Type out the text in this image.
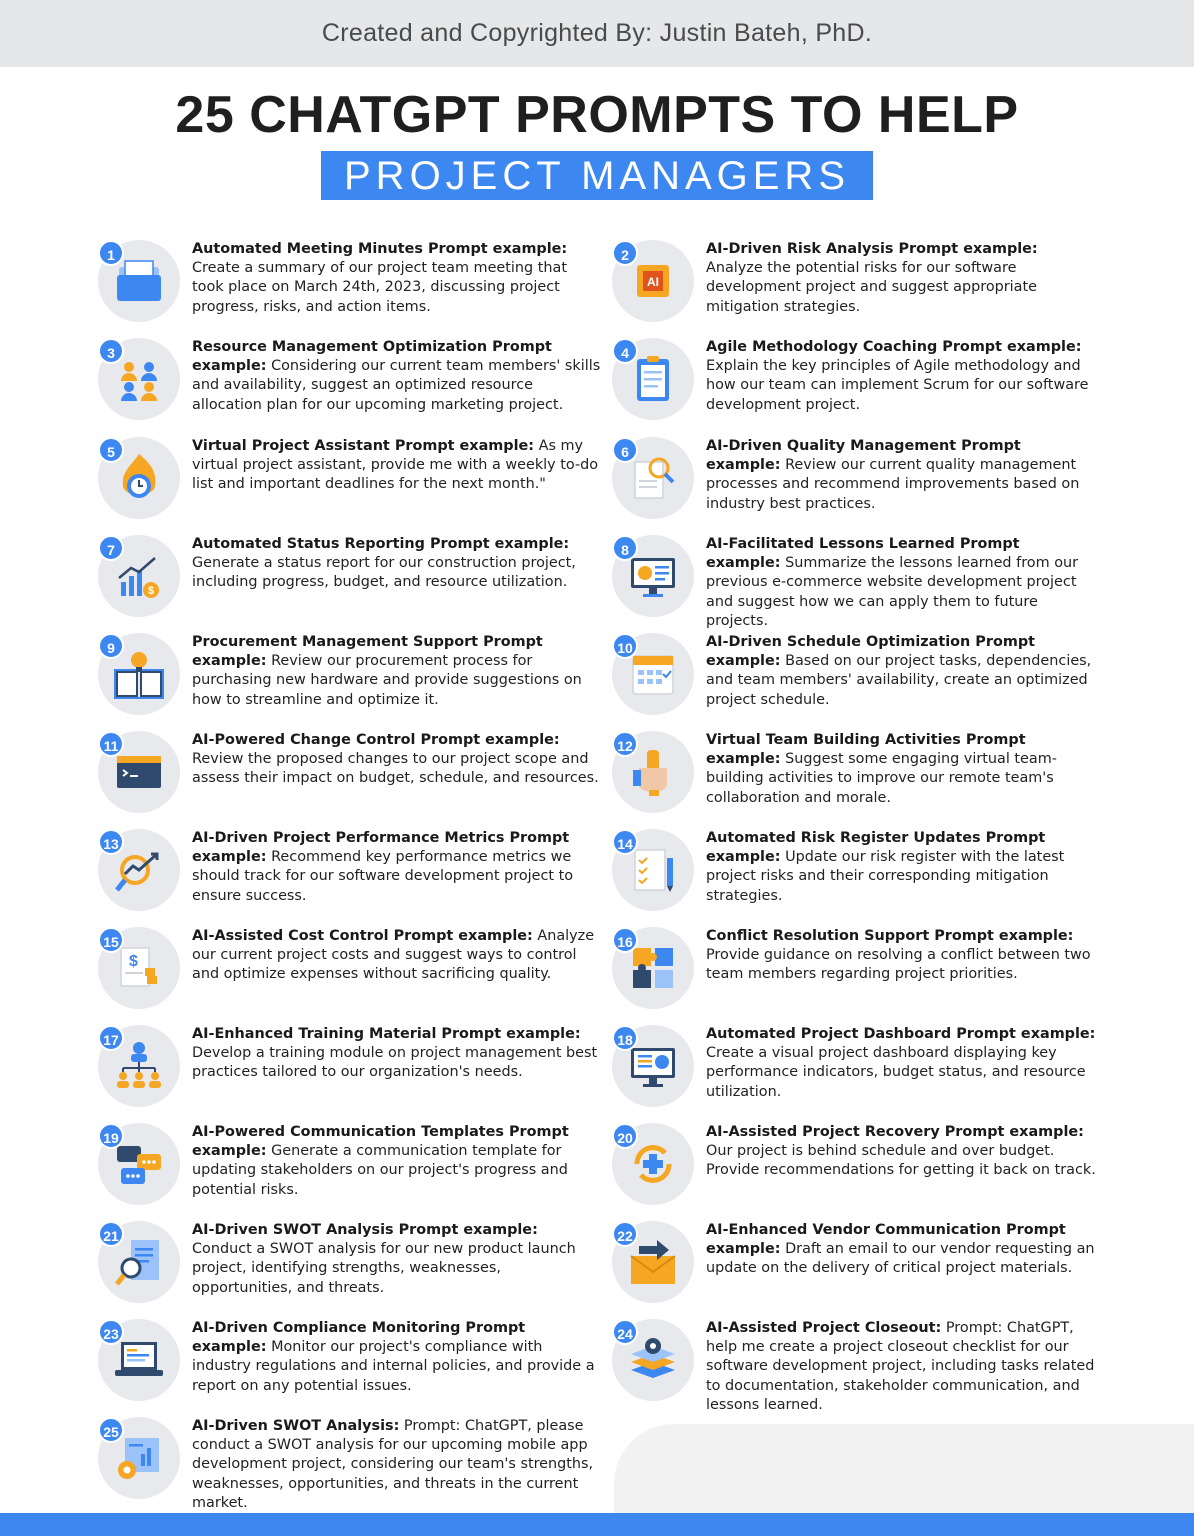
Created and Copyrighted By: Justin Bateh, PhD.
25 CHATGPT PROMPTS TO HELP
PROJECT MANAGERS
1	Automated Meeting Minutes Prompt example: Create a summary of our project team meeting that took place on March 24th, 2023, discussing project progress, risks, and action items.
3	Resource Management Optimization Prompt example: Considering our current team members' skills and availability, suggest an optimized resource allocation plan for our upcoming marketing project.
5	Virtual Project Assistant Prompt example: As my virtual project assistant, provide me with a weekly to-do list and important deadlines for the next month."
$
7	Automated Status Reporting Prompt example: Generate a status report for our construction project, including progress, budget, and resource utilization.
9	Procurement Management Support Prompt example: Review our procurement process for purchasing new hardware and provide suggestions on how to streamline and optimize it.
11	AI-Powered Change Control Prompt example: Review the proposed changes to our project scope and assess their impact on budget, schedule, and resources.
13	AI-Driven Project Performance Metrics Prompt example: Recommend key performance metrics we should track for our software development project to ensure success.
$
15	AI-Assisted Cost Control Prompt example: Analyze our current project costs and suggest ways to control and optimize expenses without sacrificing quality.
17	AI-Enhanced Training Material Prompt example: Develop a training module on project management best practices tailored to our organization's needs.
19	AI-Powered Communication Templates Prompt example: Generate a communication template for updating stakeholders on our project's progress and potential risks.
21	AI-Driven SWOT Analysis Prompt example: Conduct a SWOT analysis for our new product launch project, identifying strengths, weaknesses, opportunities, and threats.
23	AI-Driven Compliance Monitoring Prompt example: Monitor our project's compliance with industry regulations and internal policies, and provide a report on any potential issues.
25	AI-Driven SWOT Analysis: Prompt: ChatGPT, please conduct a SWOT analysis for our upcoming mobile app development project, considering our team's strengths, weaknesses, opportunities, and threats in the current market.
AI
2	AI-Driven Risk Analysis Prompt example: Analyze the potential risks for our software development project and suggest appropriate mitigation strategies.
4	Agile Methodology Coaching Prompt example: Explain the key principles of Agile methodology and how our team can implement Scrum for our software development project.
6	AI-Driven Quality Management Prompt example: Review our current quality management processes and recommend improvements based on industry best practices.
8	AI-Facilitated Lessons Learned Prompt example: Summarize the lessons learned from our previous e-commerce website development project and suggest how we can apply them to future projects.
10	AI-Driven Schedule Optimization Prompt example: Based on our project tasks, dependencies, and team members' availability, create an optimized project schedule.
12	Virtual Team Building Activities Prompt example: Suggest some engaging virtual team-building activities to improve our remote team's collaboration and morale.
14	Automated Risk Register Updates Prompt example: Update our risk register with the latest project risks and their corresponding mitigation strategies.
16	Conflict Resolution Support Prompt example: Provide guidance on resolving a conflict between two team members regarding project priorities.
18	Automated Project Dashboard Prompt example: Create a visual project dashboard displaying key performance indicators, budget status, and resource utilization.
20	AI-Assisted Project Recovery Prompt example: Our project is behind schedule and over budget. Provide recommendations for getting it back on track.
22	AI-Enhanced Vendor Communication Prompt example: Draft an email to our vendor requesting an update on the delivery of critical project materials.
24	AI-Assisted Project Closeout: Prompt: ChatGPT, help me create a project closeout checklist for our software development project, including tasks related to documentation, stakeholder communication, and lessons learned.
